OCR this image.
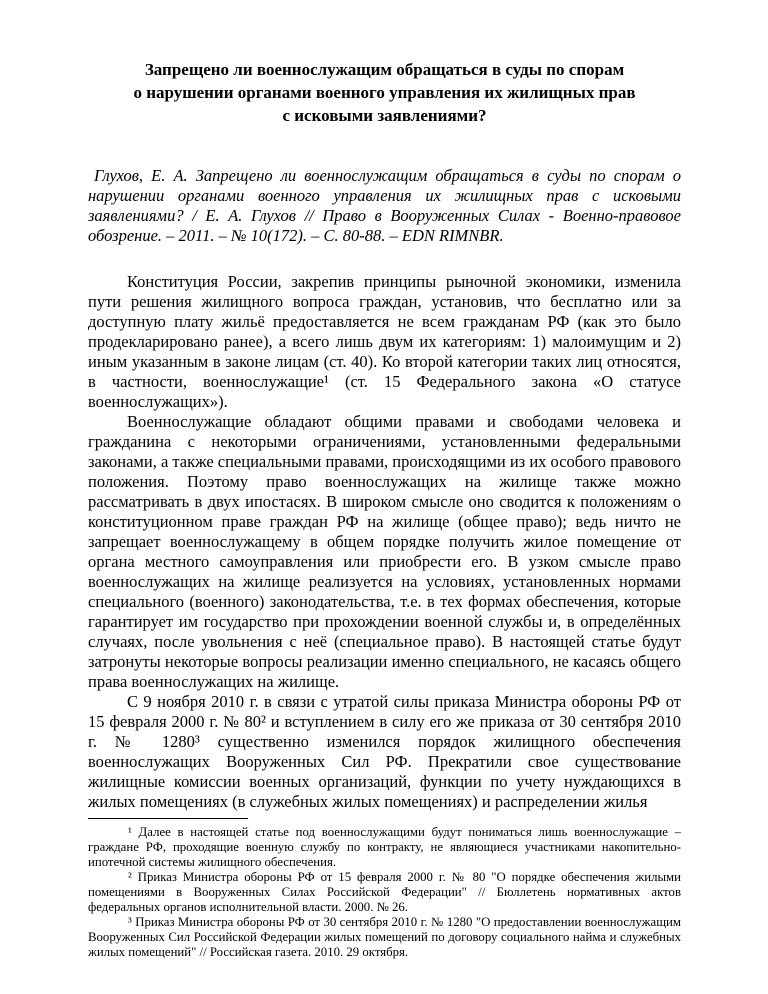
Запрещено ли военнослужащим обращаться в суды по спорам
о нарушении органами военного управления их жилищных прав
с исковыми заявлениями?

Глухов, Е. А. Запрещено ли военнослужащим обращаться в суды по спорам о нарушении органами военного управления их жилищных прав с исковыми заявлениями? / Е. А. Глухов // Право в Вооруженных Силах - Военно-правовое обозрение. – 2011. – № 10(172). – С. 80-88. – EDN RIMNBR.

Конституция России, закрепив принципы рыночной экономики, изменила пути решения жилищного вопроса граждан, установив, что бесплатно или за доступную плату жильё предоставляется не всем гражданам РФ (как это было продекларировано ранее), а всего лишь двум их категориям: 1) малоимущим и 2) иным указанным в законе лицам (ст. 40). Ко второй категории таких лиц относятся, в частности, военнослужащие¹ (ст. 15 Федерального закона «О статусе военнослужащих»).

Военнослужащие обладают общими правами и свободами человека и гражданина с некоторыми ограничениями, установленными федеральными законами, а также специальными правами, происходящими из их особого правового положения. Поэтому право военнослужащих на жилище также можно рассматривать в двух ипостасях. В широком смысле оно сводится к положениям о конституционном праве граждан РФ на жилище (общее право); ведь ничто не запрещает военнослужащему в общем порядке получить жилое помещение от органа местного самоуправления или приобрести его. В узком смысле право военнослужащих на жилище реализуется на условиях, установленных нормами специального (военного) законодательства, т.е. в тех формах обеспечения, которые гарантирует им государство при прохождении военной службы и, в определённых случаях, после увольнения с неё (специальное право). В настоящей статье будут затронуты некоторые вопросы реализации именно специального, не касаясь общего права военнослужащих на жилище.

С 9 ноября 2010 г. в связи с утратой силы приказа Министра обороны РФ от 15 февраля 2000 г. № 80² и вступлением в силу его же приказа от 30 сентября 2010 г. № 1280³ существенно изменился порядок жилищного обеспечения военнослужащих Вооруженных Сил РФ. Прекратили свое существование жилищные комиссии военных организаций, функции по учету нуждающихся в жилых помещениях (в служебных жилых помещениях) и распределении жилья

¹ Далее в настоящей статье под военнослужащими будут пониматься лишь военнослужащие – граждане РФ, проходящие военную службу по контракту, не являющиеся участниками накопительно-ипотечной системы жилищного обеспечения.

² Приказ Министра обороны РФ от 15 февраля 2000 г. № 80 "О порядке обеспечения жилыми помещениями в Вооруженных Силах Российской Федерации" // Бюллетень нормативных актов федеральных органов исполнительной власти. 2000. № 26.

³ Приказ Министра обороны РФ от 30 сентября 2010 г. № 1280 "О предоставлении военнослужащим Вооруженных Сил Российской Федерации жилых помещений по договору социального найма и служебных жилых помещений" // Российская газета. 2010. 29 октября.
